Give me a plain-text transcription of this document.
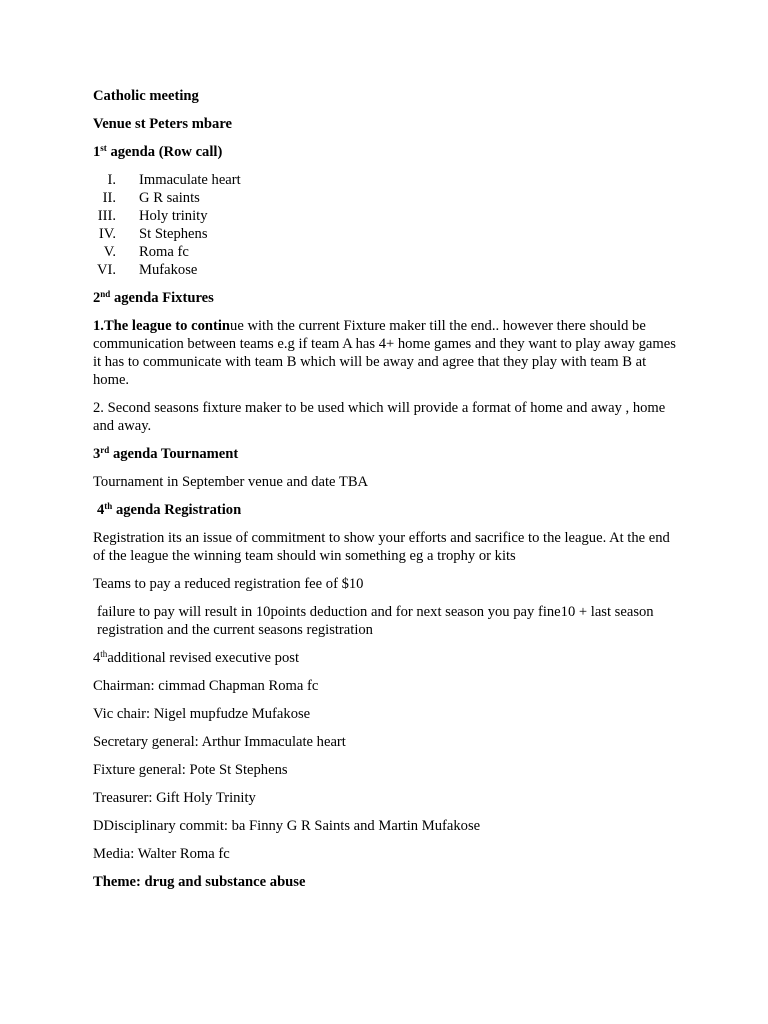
Catholic meeting

Venue st Peters mbare

1st agenda (Row call)

I. Immaculate heart
II. G R saints
III. Holy trinity
IV. St Stephens
V. Roma fc
VI. Mufakose

2nd agenda Fixtures

1.The league to continue with the current Fixture maker till the end.. however there should be communication between teams e.g if team A has 4+ home games and they want to play away games it has to communicate with team B which will be away and agree that they play with team B at home.

2. Second seasons fixture maker to be used which will provide a format of home and away , home and away.

3rd agenda Tournament

Tournament in September venue and date TBA

4th agenda Registration

Registration its an issue of commitment to show your efforts and sacrifice to the league. At the end of the league the winning team should win something eg a trophy or kits

Teams to pay a reduced registration fee of $10

failure to pay will result in 10points deduction and for next season you pay fine10 + last season registration and the current seasons registration

4thadditional revised executive post

Chairman: cimmad Chapman Roma fc

Vic chair: Nigel mupfudze Mufakose

Secretary general: Arthur Immaculate heart

Fixture general: Pote St Stephens

Treasurer: Gift Holy Trinity

DDisciplinary commit: ba Finny G R Saints and Martin Mufakose

Media: Walter Roma fc

Theme: drug and substance abuse
